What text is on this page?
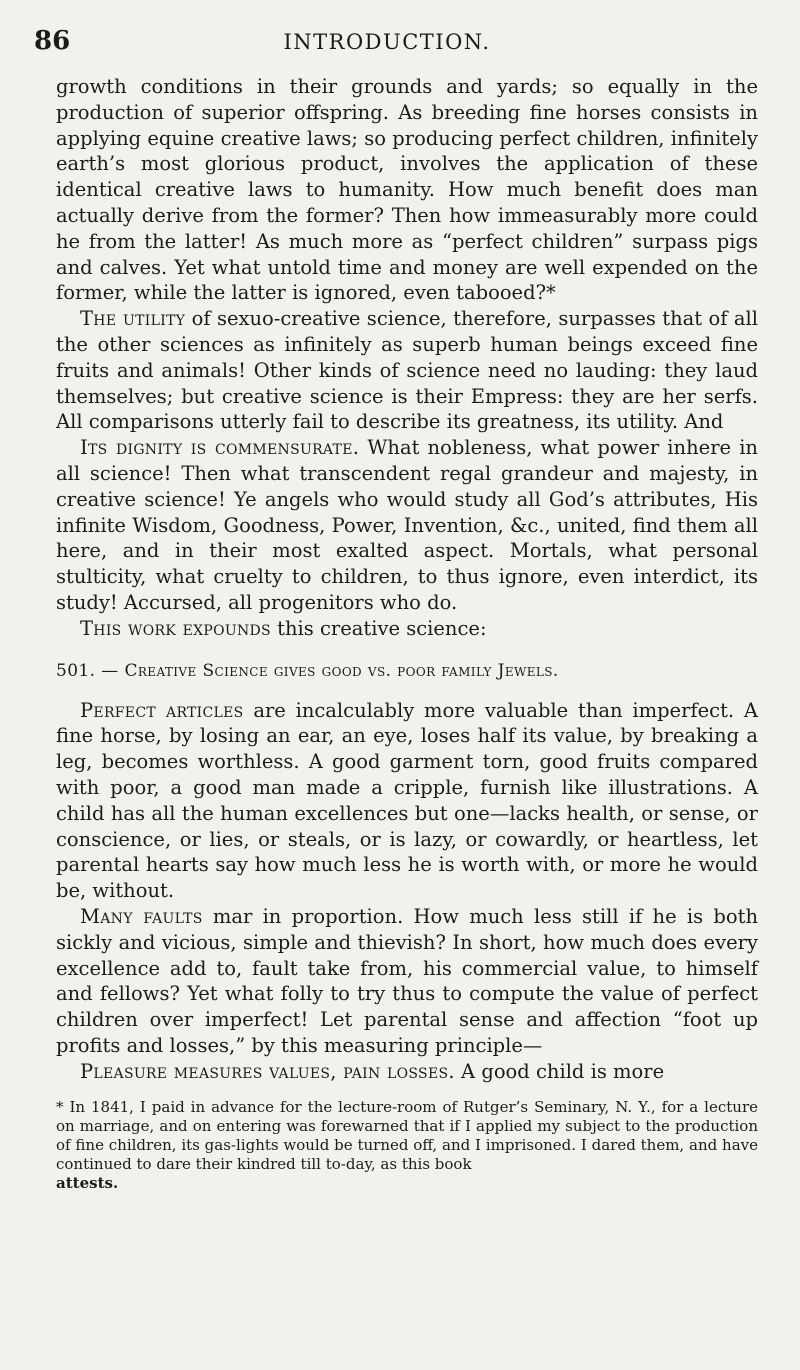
86	INTRODUCTION.

growth conditions in their grounds and yards; so equally in the production of superior offspring. As breeding fine horses consists in applying equine creative laws; so producing perfect children, infinitely earth’s most glorious product, involves the application of these identical creative laws to humanity. How much benefit does man actually derive from the former? Then how immeasurably more could he from the latter! As much more as “perfect children” surpass pigs and calves. Yet what untold time and money are well expended on the former, while the latter is ignored, even tabooed?*

The utility of sexuo-creative science, therefore, surpasses that of all the other sciences as infinitely as superb human beings exceed fine fruits and animals! Other kinds of science need no lauding: they laud themselves; but creative science is their Empress: they are her serfs. All comparisons utterly fail to describe its greatness, its utility. And

Its dignity is commensurate. What nobleness, what power inhere in all science! Then what transcendent regal grandeur and majesty, in creative science! Ye angels who would study all God’s attributes, His infinite Wisdom, Goodness, Power, Invention, &c., united, find them all here, and in their most exalted aspect. Mortals, what personal stulticity, what cruelty to children, to thus ignore, even interdict, its study! Accursed, all progenitors who do.

This work expounds this creative science:

501. — Creative Science gives good vs. poor family Jewels.

Perfect articles are incalculably more valuable than imperfect. A fine horse, by losing an ear, an eye, loses half its value, by breaking a leg, becomes worthless. A good garment torn, good fruits compared with poor, a good man made a cripple, furnish like illustrations. A child has all the human excellences but one—lacks health, or sense, or conscience, or lies, or steals, or is lazy, or cowardly, or heartless, let parental hearts say how much less he is worth with, or more he would be, without.

Many faults mar in proportion. How much less still if he is both sickly and vicious, simple and thievish? In short, how much does every excellence add to, fault take from, his commercial value, to himself and fellows? Yet what folly to try thus to compute the value of perfect children over imperfect! Let parental sense and affection “foot up profits and losses,” by this measuring principle—

Pleasure measures values, pain losses. A good child is more

* In 1841, I paid in advance for the lecture-room of Rutger’s Seminary, N. Y., for a lecture on marriage, and on entering was forewarned that if I applied my subject to the production of fine children, its gas-lights would be turned off, and I imprisoned. I dared them, and have continued to dare their kindred till to-day, as this book
attests.
